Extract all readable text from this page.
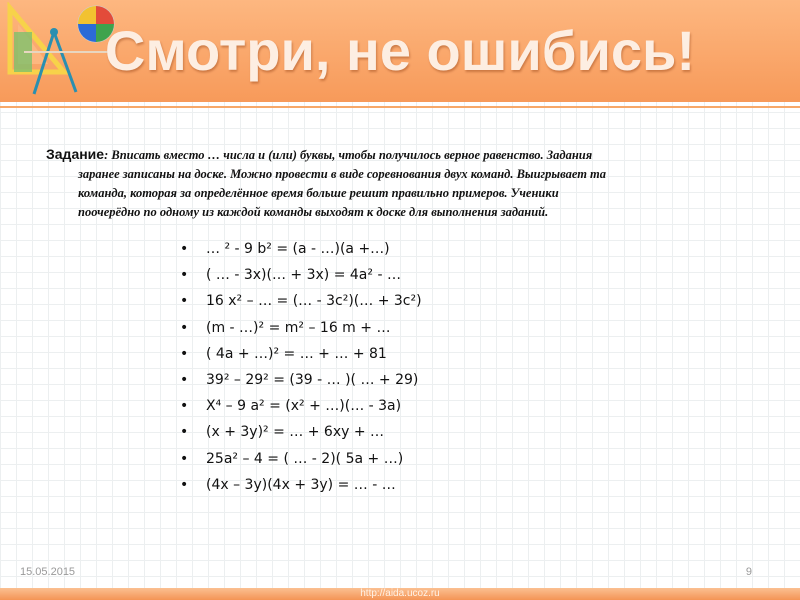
Смотри, не ошибись!
Задание: Вписать вместо … числа и (или) буквы, чтобы получилось верное равенство. Задания
заранее записаны на доске. Можно провести в виде соревнования двух команд. Выигрывает та
команда, которая за определённое время больше решит правильно примеров. Ученики
поочерёдно по одному из каждой команды выходят к доске для выполнения заданий.
• … ² - 9 b² = (a - …)(a +…)
• ( … - 3x)(… + 3x) = 4a² - …
• 16 x² – … = (… - 3c²)(… + 3c²)
• (m - …)² = m² – 16 m + …
• ( 4a + …)² = … + … + 81
• 39² – 29² = (39 - … )( … + 29)
• X⁴ – 9 a² = (x² + …)(… - 3a)
• (x + 3y)² = … + 6xy + …
• 25a² – 4 = ( … - 2)( 5a + …)
• (4x – 3y)(4x + 3y) = … - …
15.05.2015	9
http://aida.ucoz.ru
